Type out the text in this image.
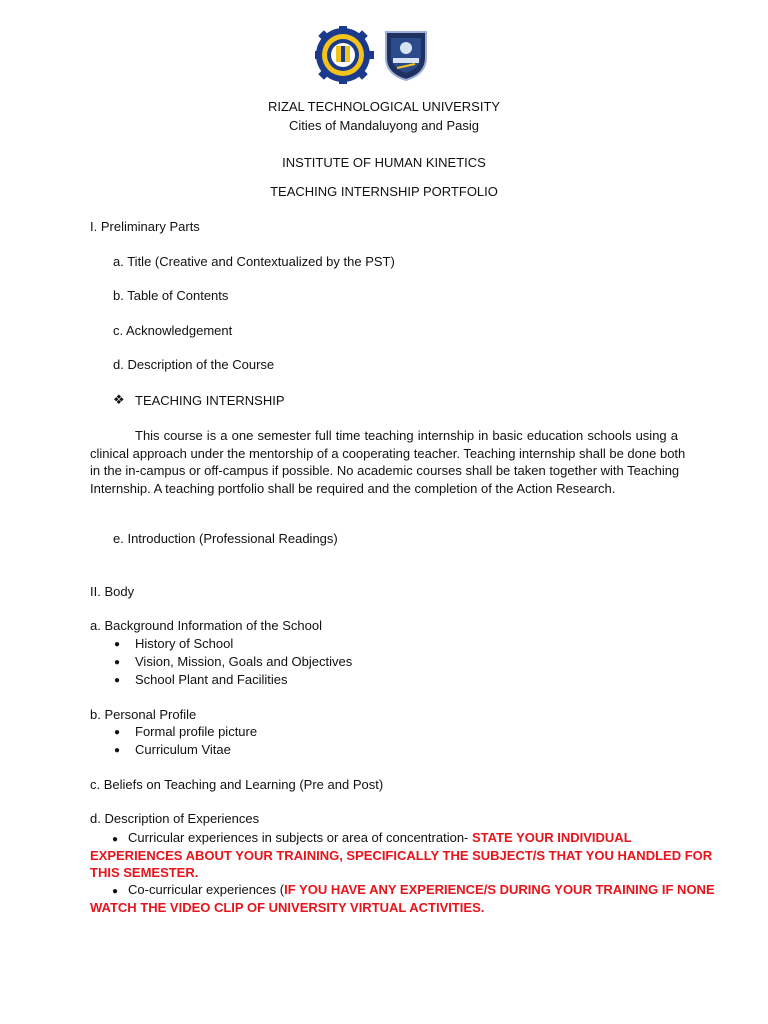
RIZAL TECHNOLOGICAL UNIVERSITY
Cities of Mandaluyong and Pasig
INSTITUTE OF HUMAN KINETICS
TEACHING INTERNSHIP PORTFOLIO
I. Preliminary Parts
a. Title (Creative and Contextualized by the PST)
b. Table of Contents
c. Acknowledgement
d. Description of the Course
❖ TEACHING INTERNSHIP
This course is a one semester full time teaching internship in basic education schools using a
clinical approach under the mentorship of a cooperating teacher. Teaching internship shall be done both
in the in-campus or off-campus if possible. No academic courses shall be taken together with Teaching
Internship. A teaching portfolio shall be required and the completion of the Action Research.
e. Introduction (Professional Readings)
II. Body
a. Background Information of the School
● History of School
● Vision, Mission, Goals and Objectives
● School Plant and Facilities
b. Personal Profile
● Formal profile picture
● Curriculum Vitae
c. Beliefs on Teaching and Learning (Pre and Post)
d. Description of Experiences
● Curricular experiences in subjects or area of concentration- STATE YOUR INDIVIDUAL
EXPERIENCES ABOUT YOUR TRAINING, SPECIFICALLY THE SUBJECT/S THAT YOU HANDLED FOR
THIS SEMESTER.
● Co-curricular experiences (IF YOU HAVE ANY EXPERIENCE/S DURING YOUR TRAINING IF NONE
WATCH THE VIDEO CLIP OF UNIVERSITY VIRTUAL ACTIVITIES.
